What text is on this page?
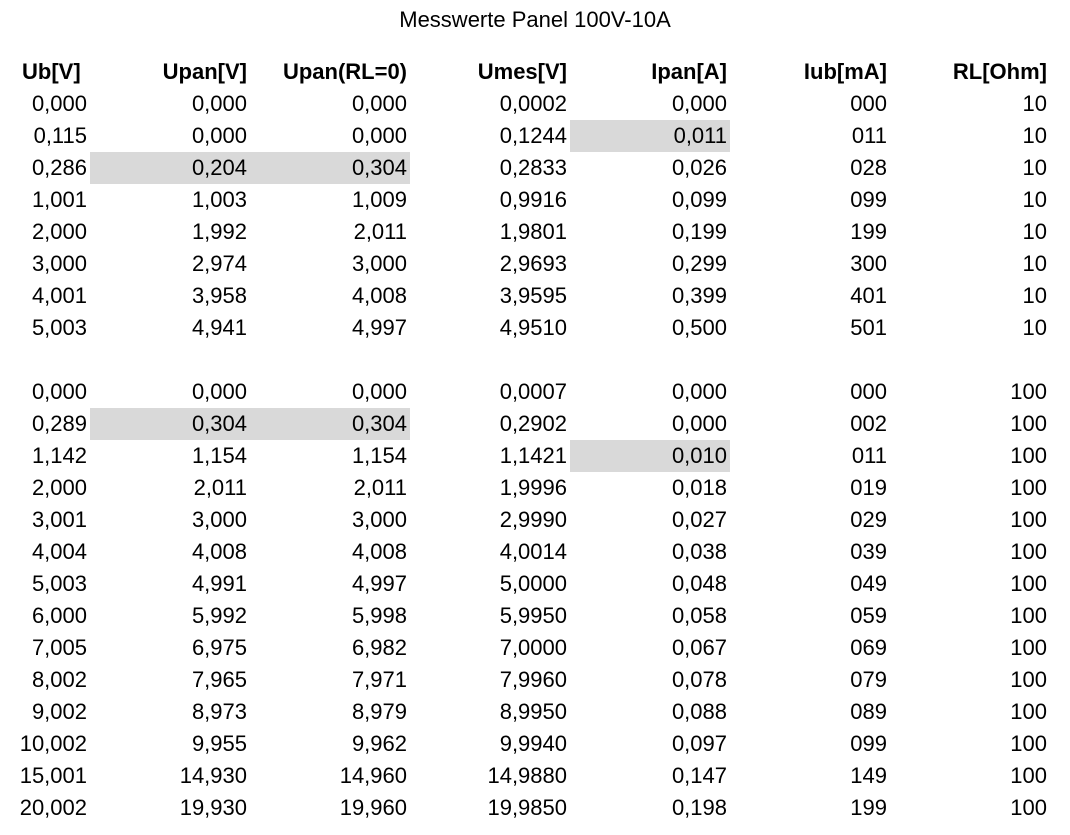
Messwerte Panel 100V-10A
Ub[V]	Upan[V]	Upan(RL=0)	Umes[V]	Ipan[A]	Iub[mA]	RL[Ohm]
0,000	0,000	0,000	0,0002	0,000	000	10
0,115	0,000	0,000	0,1244	0,011	011	10
0,286	0,204	0,304	0,2833	0,026	028	10
1,001	1,003	1,009	0,9916	0,099	099	10
2,000	1,992	2,011	1,9801	0,199	199	10
3,000	2,974	3,000	2,9693	0,299	300	10
4,001	3,958	4,008	3,9595	0,399	401	10
5,003	4,941	4,997	4,9510	0,500	501	10
0,000	0,000	0,000	0,0007	0,000	000	100
0,289	0,304	0,304	0,2902	0,000	002	100
1,142	1,154	1,154	1,1421	0,010	011	100
2,000	2,011	2,011	1,9996	0,018	019	100
3,001	3,000	3,000	2,9990	0,027	029	100
4,004	4,008	4,008	4,0014	0,038	039	100
5,003	4,991	4,997	5,0000	0,048	049	100
6,000	5,992	5,998	5,9950	0,058	059	100
7,005	6,975	6,982	7,0000	0,067	069	100
8,002	7,965	7,971	7,9960	0,078	079	100
9,002	8,973	8,979	8,9950	0,088	089	100
10,002	9,955	9,962	9,9940	0,097	099	100
15,001	14,930	14,960	14,9880	0,147	149	100
20,002	19,930	19,960	19,9850	0,198	199	100
